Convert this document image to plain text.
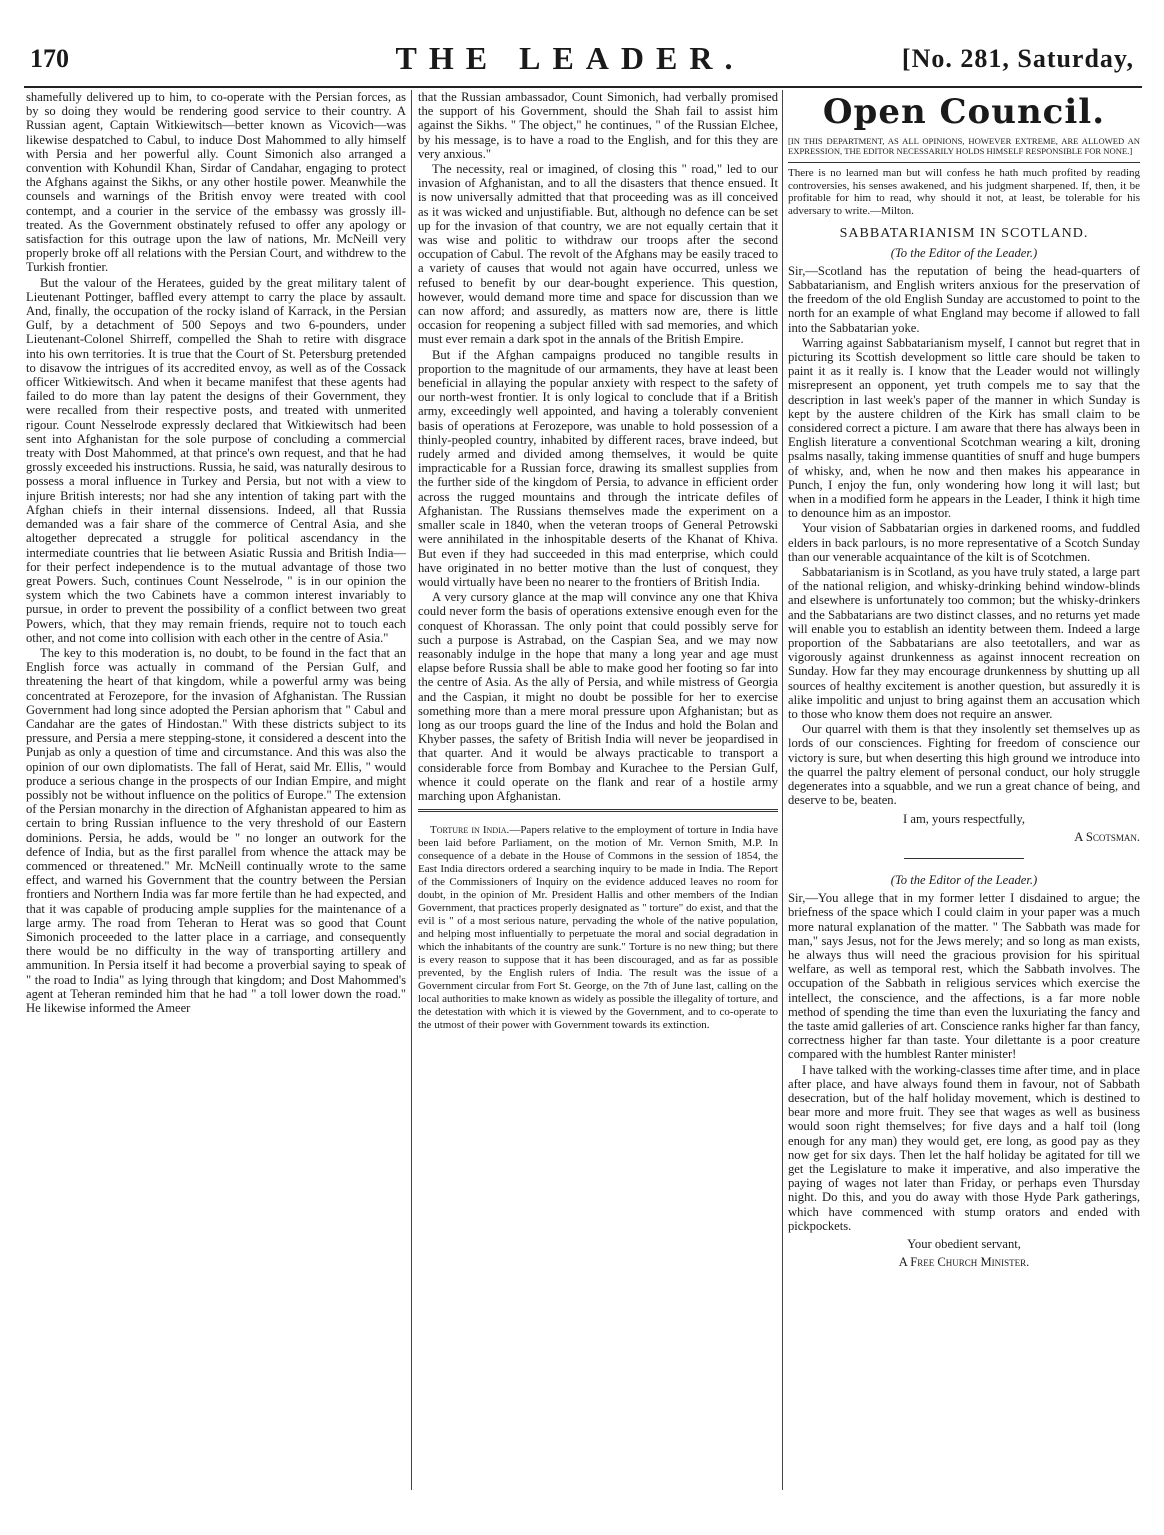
170	THE LEADER.	[No. 281, Saturday,

shamefully delivered up to him, to co-operate with the Persian forces, as by so doing they would be rendering good service to their country. A Russian agent, Captain Witkiewitsch—better known as Vicovich—was likewise despatched to Cabul, to induce Dost Mahommed to ally himself with Persia and her powerful ally. Count Simonich also arranged a convention with Kohundil Khan, Sirdar of Candahar, engaging to protect the Afghans against the Sikhs, or any other hostile power. Meanwhile the counsels and warnings of the British envoy were treated with cool contempt, and a courier in the service of the embassy was grossly ill-treated. As the Government obstinately refused to offer any apology or satisfaction for this outrage upon the law of nations, Mr. McNeill very properly broke off all relations with the Persian Court, and withdrew to the Turkish frontier.

But the valour of the Heratees, guided by the great military talent of Lieutenant Pottinger, baffled every attempt to carry the place by assault. And, finally, the occupation of the rocky island of Karrack, in the Persian Gulf, by a detachment of 500 Sepoys and two 6-pounders, under Lieutenant-Colonel Shirreff, compelled the Shah to retire with disgrace into his own territories. It is true that the Court of St. Petersburg pretended to disavow the intrigues of its accredited envoy, as well as of the Cossack officer Witkiewitsch. And when it became manifest that these agents had failed to do more than lay patent the designs of their Government, they were recalled from their respective posts, and treated with unmerited rigour. Count Nesselrode expressly declared that Witkiewitsch had been sent into Afghanistan for the sole purpose of concluding a commercial treaty with Dost Mahommed, at that prince's own request, and that he had grossly exceeded his instructions. Russia, he said, was naturally desirous to possess a moral influence in Turkey and Persia, but not with a view to injure British interests; nor had she any intention of taking part with the Afghan chiefs in their internal dissensions. Indeed, all that Russia demanded was a fair share of the commerce of Central Asia, and she altogether deprecated a struggle for political ascendancy in the intermediate countries that lie between Asiatic Russia and British India—for their perfect independence is to the mutual advantage of those two great Powers. Such, continues Count Nesselrode, " is in our opinion the system which the two Cabinets have a common interest invariably to pursue, in order to prevent the possibility of a conflict between two great Powers, which, that they may remain friends, require not to touch each other, and not come into collision with each other in the centre of Asia."

The key to this moderation is, no doubt, to be found in the fact that an English force was actually in command of the Persian Gulf, and threatening the heart of that kingdom, while a powerful army was being concentrated at Ferozepore, for the invasion of Afghanistan. The Russian Government had long since adopted the Persian aphorism that " Cabul and Candahar are the gates of Hindostan." With these districts subject to its pressure, and Persia a mere stepping-stone, it considered a descent into the Punjab as only a question of time and circumstance. And this was also the opinion of our own diplomatists. The fall of Herat, said Mr. Ellis, " would produce a serious change in the prospects of our Indian Empire, and might possibly not be without influence on the politics of Europe." The extension of the Persian monarchy in the direction of Afghanistan appeared to him as certain to bring Russian influence to the very threshold of our Eastern dominions. Persia, he adds, would be " no longer an outwork for the defence of India, but as the first parallel from whence the attack may be commenced or threatened." Mr. McNeill continually wrote to the same effect, and warned his Government that the country between the Persian frontiers and Northern India was far more fertile than he had expected, and that it was capable of producing ample supplies for the maintenance of a large army. The road from Teheran to Herat was so good that Count Simonich proceeded to the latter place in a carriage, and consequently there would be no difficulty in the way of transporting artillery and ammunition. In Persia itself it had become a proverbial saying to speak of " the road to India" as lying through that kingdom; and Dost Mahommed's agent at Teheran reminded him that he had " a toll lower down the road." He likewise informed the Ameer

that the Russian ambassador, Count Simonich, had verbally promised the support of his Government, should the Shah fail to assist him against the Sikhs. " The object," he continues, " of the Russian Elchee, by his message, is to have a road to the English, and for this they are very anxious."

The necessity, real or imagined, of closing this " road," led to our invasion of Afghanistan, and to all the disasters that thence ensued. It is now universally admitted that that proceeding was as ill conceived as it was wicked and unjustifiable. But, although no defence can be set up for the invasion of that country, we are not equally certain that it was wise and politic to withdraw our troops after the second occupation of Cabul. The revolt of the Afghans may be easily traced to a variety of causes that would not again have occurred, unless we refused to benefit by our dear-bought experience. This question, however, would demand more time and space for discussion than we can now afford; and assuredly, as matters now are, there is little occasion for reopening a subject filled with sad memories, and which must ever remain a dark spot in the annals of the British Empire.

But if the Afghan campaigns produced no tangible results in proportion to the magnitude of our armaments, they have at least been beneficial in allaying the popular anxiety with respect to the safety of our north-west frontier. It is only logical to conclude that if a British army, exceedingly well appointed, and having a tolerably convenient basis of operations at Ferozepore, was unable to hold possession of a thinly-peopled country, inhabited by different races, brave indeed, but rudely armed and divided among themselves, it would be quite impracticable for a Russian force, drawing its smallest supplies from the further side of the kingdom of Persia, to advance in efficient order across the rugged mountains and through the intricate defiles of Afghanistan. The Russians themselves made the experiment on a smaller scale in 1840, when the veteran troops of General Petrowski were annihilated in the inhospitable deserts of the Khanat of Khiva. But even if they had succeeded in this mad enterprise, which could have originated in no better motive than the lust of conquest, they would virtually have been no nearer to the frontiers of British India.

A very cursory glance at the map will convince any one that Khiva could never form the basis of operations extensive enough even for the conquest of Khorassan. The only point that could possibly serve for such a purpose is Astrabad, on the Caspian Sea, and we may now reasonably indulge in the hope that many a long year and age must elapse before Russia shall be able to make good her footing so far into the centre of Asia. As the ally of Persia, and while mistress of Georgia and the Caspian, it might no doubt be possible for her to exercise something more than a mere moral pressure upon Afghanistan; but as long as our troops guard the line of the Indus and hold the Bolan and Khyber passes, the safety of British India will never be jeopardised in that quarter. And it would be always practicable to transport a considerable force from Bombay and Kurachee to the Persian Gulf, whence it could operate on the flank and rear of a hostile army marching upon Afghanistan.

Torture in India.—Papers relative to the employment of torture in India have been laid before Parliament, on the motion of Mr. Vernon Smith, M.P. In consequence of a debate in the House of Commons in the session of 1854, the East India directors ordered a searching inquiry to be made in India. The Report of the Commissioners of Inquiry on the evidence adduced leaves no room for doubt, in the opinion of Mr. President Hallis and other members of the Indian Government, that practices properly designated as " torture" do exist, and that the evil is " of a most serious nature, pervading the whole of the native population, and helping most influentially to perpetuate the moral and social degradation in which the inhabitants of the country are sunk." Torture is no new thing; but there is every reason to suppose that it has been discouraged, and as far as possible prevented, by the English rulers of India. The result was the issue of a Government circular from Fort St. George, on the 7th of June last, calling on the local authorities to make known as widely as possible the illegality of torture, and the detestation with which it is viewed by the Government, and to co-operate to the utmost of their power with Government towards its extinction.

Open Council.
[IN THIS DEPARTMENT, AS ALL OPINIONS, HOWEVER EXTREME, ARE ALLOWED AN EXPRESSION, THE EDITOR NECESSARILY HOLDS HIMSELF RESPONSIBLE FOR NONE.]
There is no learned man but will confess he hath much profited by reading controversies, his senses awakened, and his judgment sharpened. If, then, it be profitable for him to read, why should it not, at least, be tolerable for his adversary to write.—Milton.
SABBATARIANISM IN SCOTLAND.
(To the Editor of the Leader.)

Sir,—Scotland has the reputation of being the head-quarters of Sabbatarianism, and English writers anxious for the preservation of the freedom of the old English Sunday are accustomed to point to the north for an example of what England may become if allowed to fall into the Sabbatarian yoke.

Warring against Sabbatarianism myself, I cannot but regret that in picturing its Scottish development so little care should be taken to paint it as it really is. I know that the Leader would not willingly misrepresent an opponent, yet truth compels me to say that the description in last week's paper of the manner in which Sunday is kept by the austere children of the Kirk has small claim to be considered correct a picture. I am aware that there has always been in English literature a conventional Scotchman wearing a kilt, droning psalms nasally, taking immense quantities of snuff and huge bumpers of whisky, and, when he now and then makes his appearance in Punch, I enjoy the fun, only wondering how long it will last; but when in a modified form he appears in the Leader, I think it high time to denounce him as an impostor.

Your vision of Sabbatarian orgies in darkened rooms, and fuddled elders in back parlours, is no more representative of a Scotch Sunday than our venerable acquaintance of the kilt is of Scotchmen.

Sabbatarianism is in Scotland, as you have truly stated, a large part of the national religion, and whisky-drinking behind window-blinds and elsewhere is unfortunately too common; but the whisky-drinkers and the Sabbatarians are two distinct classes, and no returns yet made will enable you to establish an identity between them. Indeed a large proportion of the Sabbatarians are also teetotallers, and war as vigorously against drunkenness as against innocent recreation on Sunday. How far they may encourage drunkenness by shutting up all sources of healthy excitement is another question, but assuredly it is alike impolitic and unjust to bring against them an accusation which to those who know them does not require an answer.

Our quarrel with them is that they insolently set themselves up as lords of our consciences. Fighting for freedom of conscience our victory is sure, but when deserting this high ground we introduce into the quarrel the paltry element of personal conduct, our holy struggle degenerates into a squabble, and we run a great chance of being, and deserve to be, beaten.

I am, yours respectfully,
A Scotsman.
(To the Editor of the Leader.)

Sir,—You allege that in my former letter I disdained to argue; the briefness of the space which I could claim in your paper was a much more natural explanation of the matter. " The Sabbath was made for man," says Jesus, not for the Jews merely; and so long as man exists, he always thus will need the gracious provision for his spiritual welfare, as well as temporal rest, which the Sabbath involves. The occupation of the Sabbath in religious services which exercise the intellect, the conscience, and the affections, is a far more noble method of spending the time than even the luxuriating the fancy and the taste amid galleries of art. Conscience ranks higher far than fancy, correctness higher far than taste. Your dilettante is a poor creature compared with the humblest Ranter minister!

I have talked with the working-classes time after time, and in place after place, and have always found them in favour, not of Sabbath desecration, but of the half holiday movement, which is destined to bear more and more fruit. They see that wages as well as business would soon right themselves; for five days and a half toil (long enough for any man) they would get, ere long, as good pay as they now get for six days. Then let the half holiday be agitated for till we get the Legislature to make it imperative, and also imperative the paying of wages not later than Friday, or perhaps even Thursday night. Do this, and you do away with those Hyde Park gatherings, which have commenced with stump orators and ended with pickpockets.

Your obedient servant,
A Free Church Minister.
